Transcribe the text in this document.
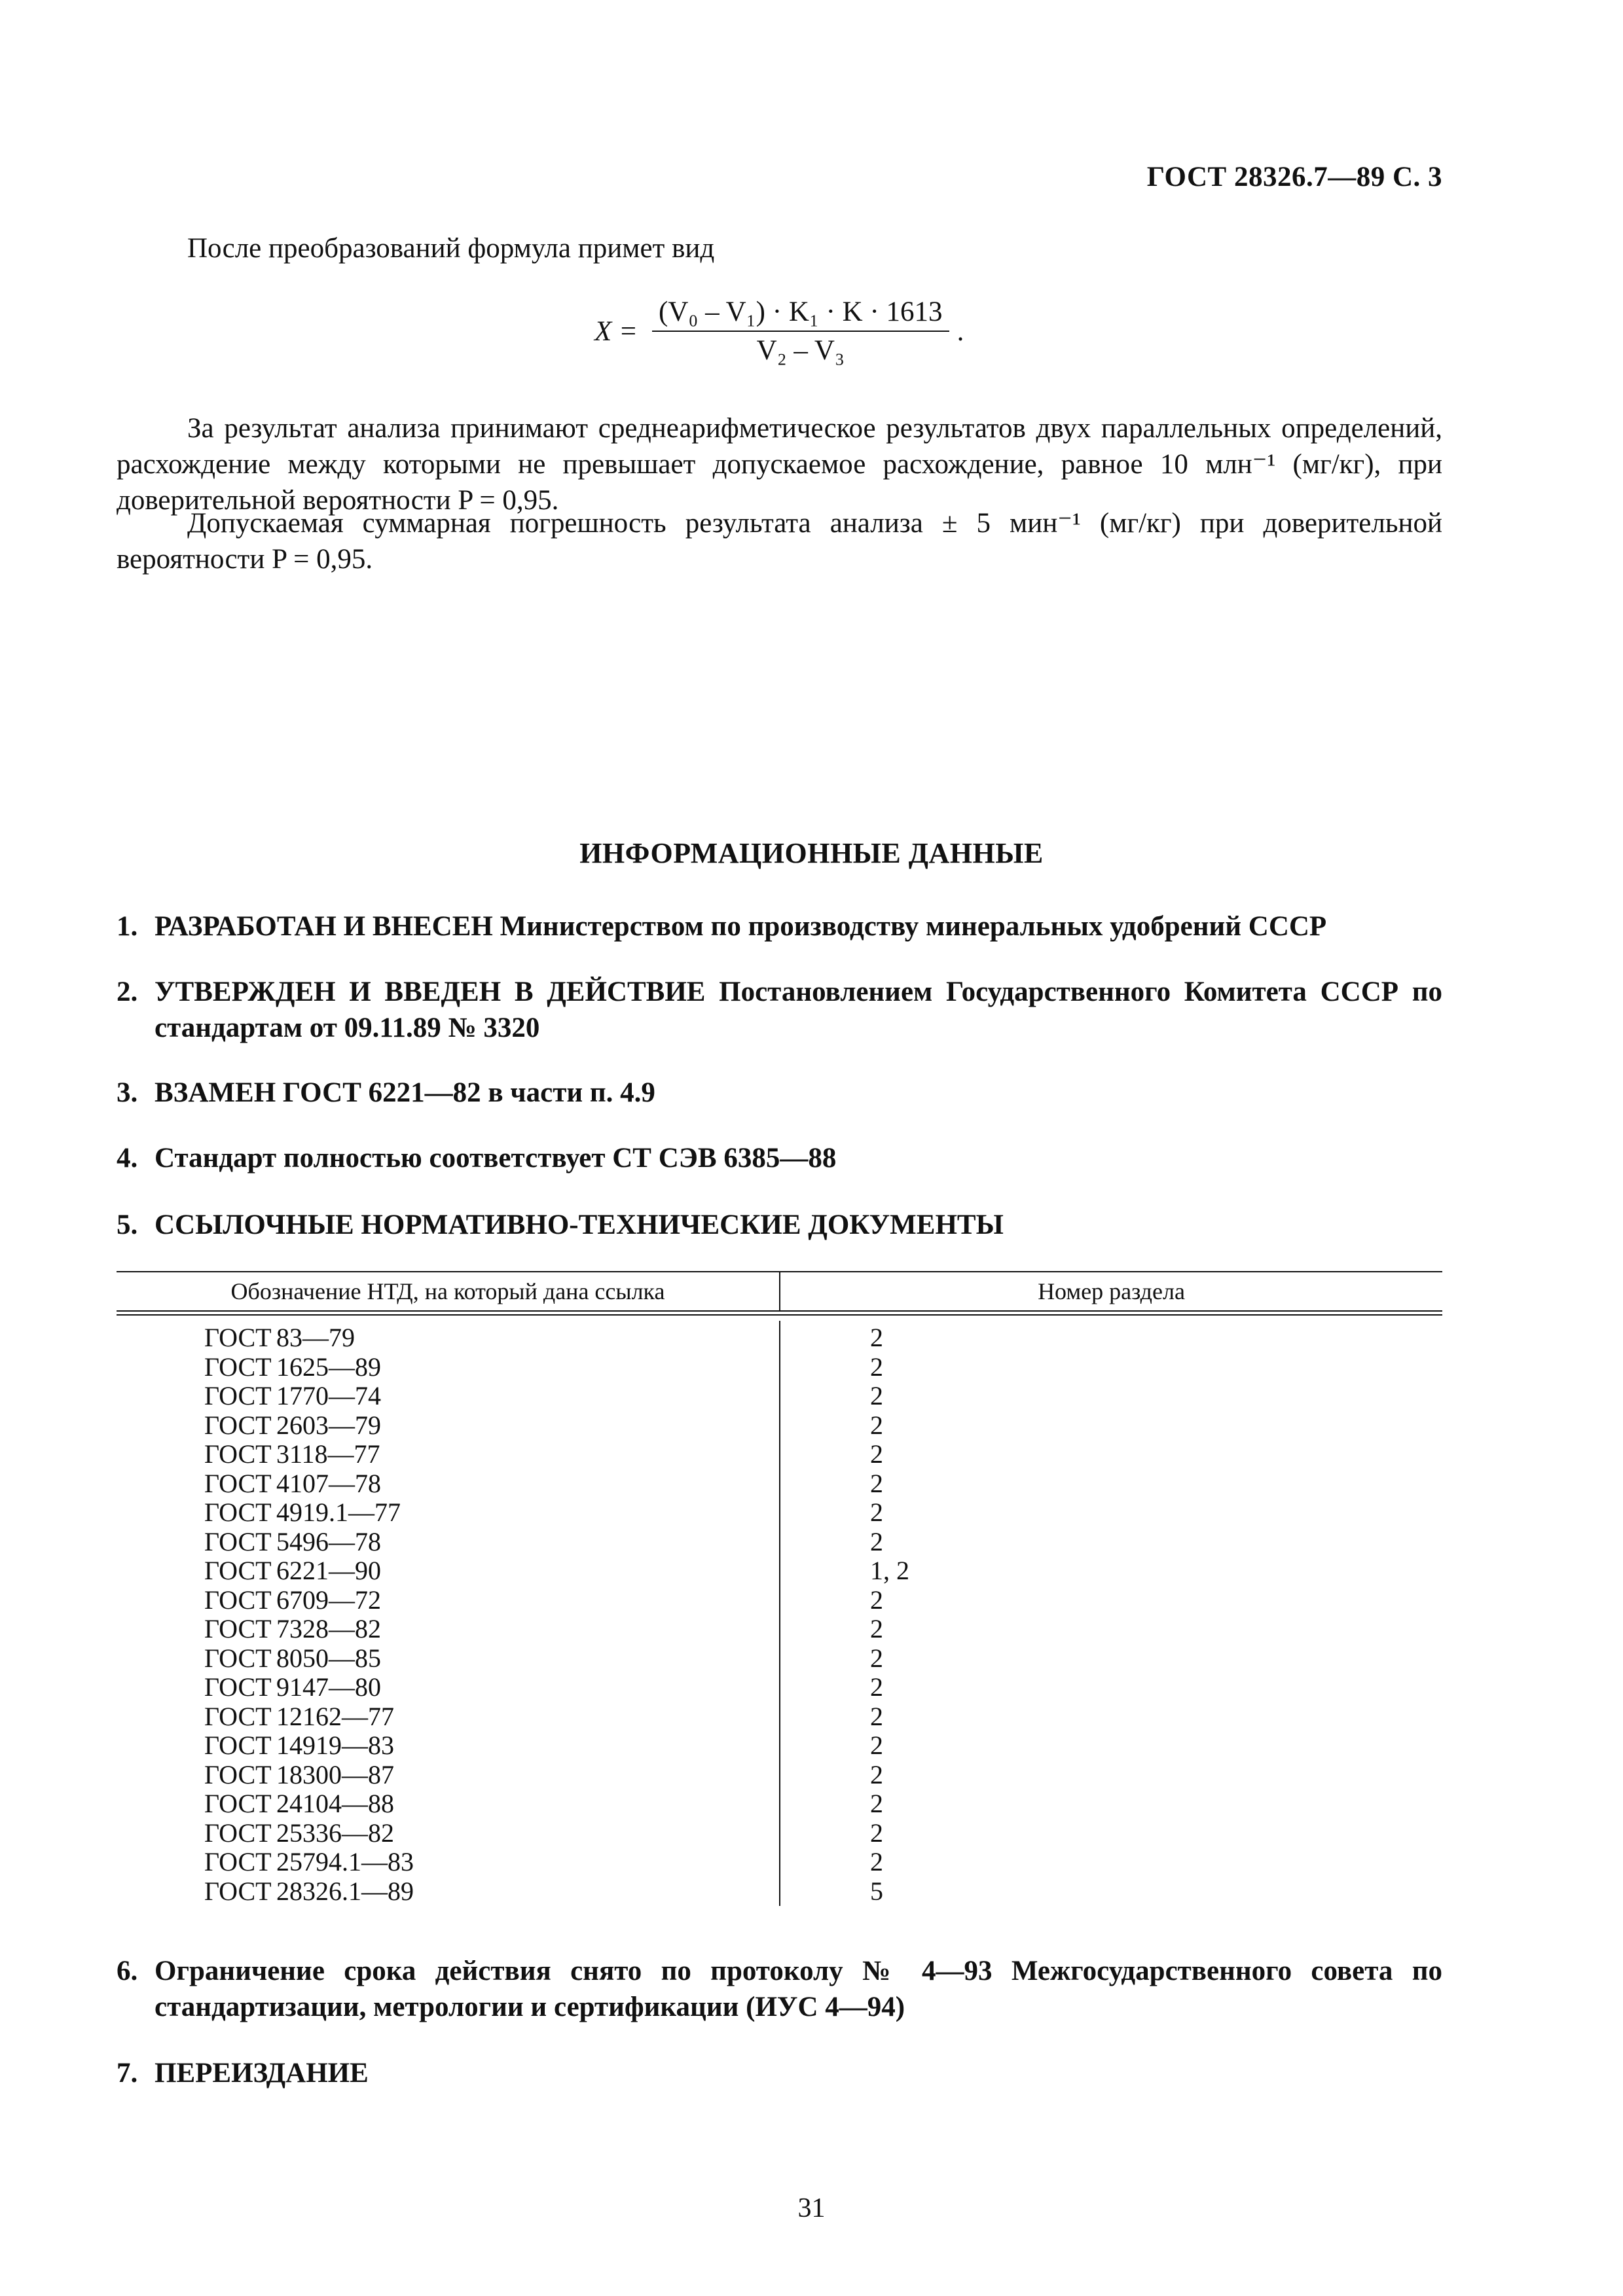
ГОСТ 28326.7—89 С. 3
После преобразований формула примет вид
$X = \frac{\text{(V₀ – V₁) · K₁ · K · 1613}}{\text{V₂ – V₃}}$ .
За результат анализа принимают среднеарифметическое результатов двух параллельных определений, расхождение между которыми не превышает допускаемое расхождение, равное 10 млн⁻¹ (мг/кг), при доверительной вероятности P = 0,95.
Допускаемая суммарная погрешность результата анализа ± 5 мин⁻¹ (мг/кг) при доверительной вероятности P = 0,95.
ИНФОРМАЦИОННЫЕ ДАННЫЕ
1. РАЗРАБОТАН И ВНЕСЕН Министерством по производству минеральных удобрений СССР
2. УТВЕРЖДЕН И ВВЕДЕН В ДЕЙСТВИЕ Постановлением Государственного Комитета СССР по стандартам от 09.11.89 № 3320
3. ВЗАМЕН ГОСТ 6221—82 в части п. 4.9
4. Стандарт полностью соответствует СТ СЭВ 6385—88
5. ССЫЛОЧНЫЕ НОРМАТИВНО-ТЕХНИЧЕСКИЕ ДОКУМЕНТЫ
Обозначение НТД, на который дана ссылка	Номер раздела
ГОСТ 83—79
ГОСТ 1625—89
ГОСТ 1770—74
ГОСТ 2603—79
ГОСТ 3118—77
ГОСТ 4107—78
ГОСТ 4919.1—77
ГОСТ 5496—78
ГОСТ 6221—90
ГОСТ 6709—72
ГОСТ 7328—82
ГОСТ 8050—85
ГОСТ 9147—80
ГОСТ 12162—77
ГОСТ 14919—83
ГОСТ 18300—87
ГОСТ 24104—88
ГОСТ 25336—82
ГОСТ 25794.1—83
ГОСТ 28326.1—89
2
2
2
2
2
2
2
2
1, 2
2
2
2
2
2
2
2
2
2
2
5
6. Ограничение срока действия снято по протоколу № 4—93 Межгосударственного совета по стандартизации, метрологии и сертификации (ИУС 4—94)
7. ПЕРЕИЗДАНИЕ
31
